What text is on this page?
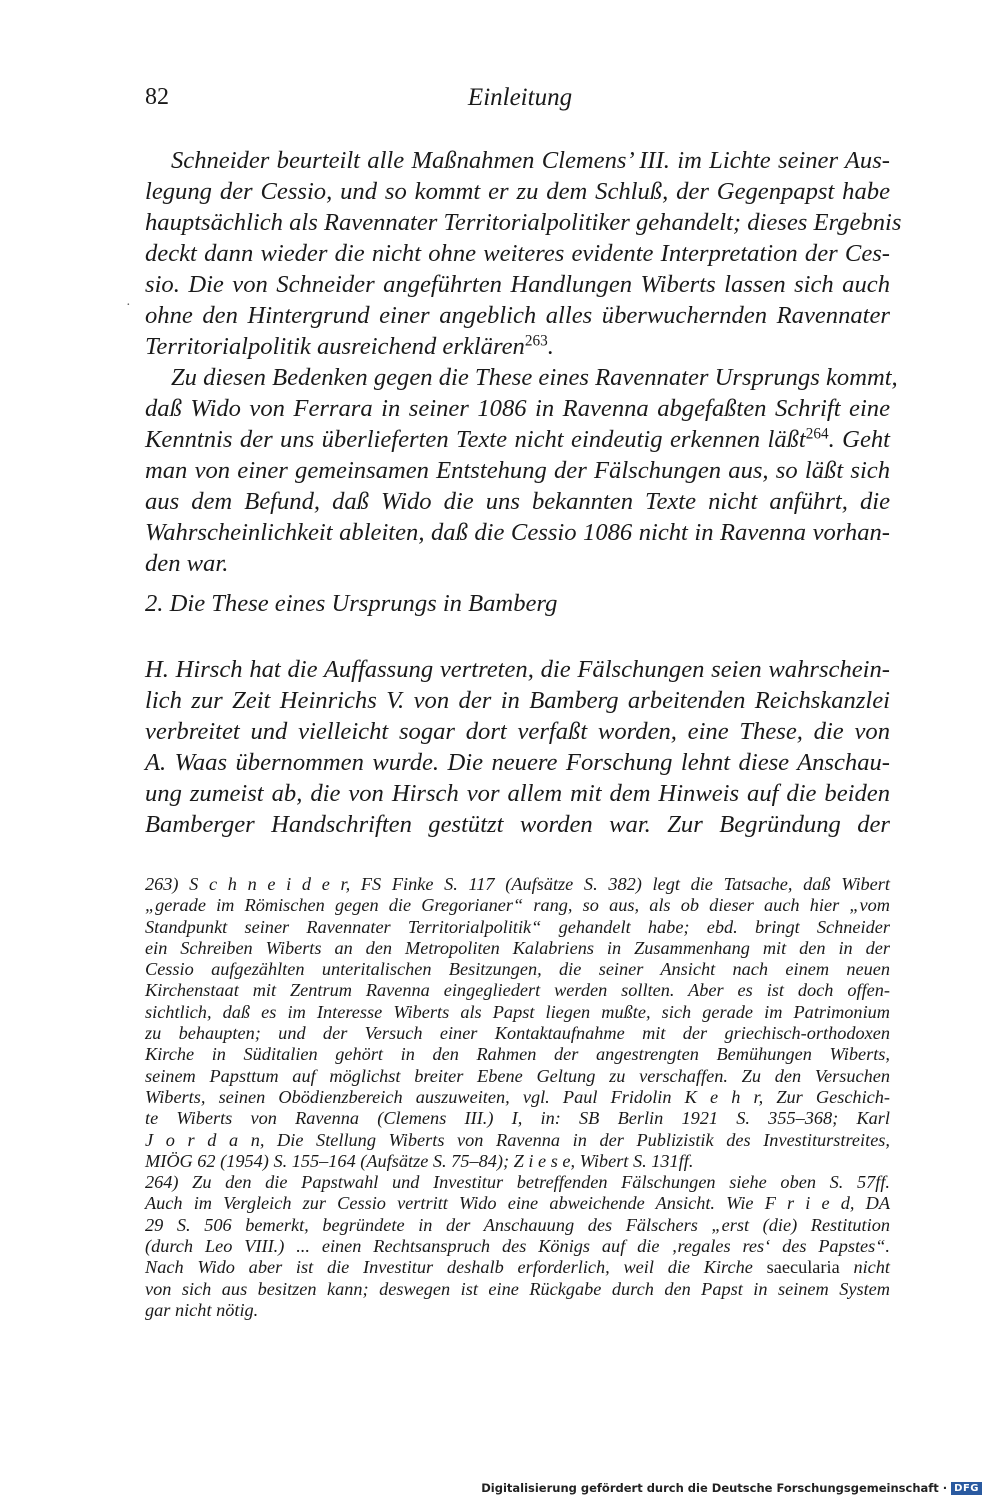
82	Einleitung
·
Schneider beurteilt alle Maßnahmen Clemens’ III. im Lichte seiner Aus-
legung der Cessio, und so kommt er zu dem Schluß, der Gegenpapst habe
hauptsächlich als Ravennater Territorialpolitiker gehandelt; dieses Ergebnis
deckt dann wieder die nicht ohne weiteres evidente Interpretation der Ces-
sio. Die von Schneider angeführten Handlungen Wiberts lassen sich auch
ohne den Hintergrund einer angeblich alles überwuchernden Ravennater
Territorialpolitik ausreichend erklären$^{263}$.
Zu diesen Bedenken gegen die These eines Ravennater Ursprungs kommt,
daß Wido von Ferrara in seiner 1086 in Ravenna abgefaßten Schrift eine
Kenntnis der uns überlieferten Texte nicht eindeutig erkennen läßt$^{264}$. Geht
man von einer gemeinsamen Entstehung der Fälschungen aus, so läßt sich
aus dem Befund, daß Wido die uns bekannten Texte nicht anführt, die
Wahrscheinlichkeit ableiten, daß die Cessio 1086 nicht in Ravenna vorhan-
den war.
2. Die These eines Ursprungs in Bamberg
H. Hirsch hat die Auffassung vertreten, die Fälschungen seien wahrschein-
lich zur Zeit Heinrichs V. von der in Bamberg arbeitenden Reichskanzlei
verbreitet und vielleicht sogar dort verfaßt worden, eine These, die von
A. Waas übernommen wurde. Die neuere Forschung lehnt diese Anschau-
ung zumeist ab, die von Hirsch vor allem mit dem Hinweis auf die beiden
Bamberger Handschriften gestützt worden war. Zur Begründung der
263) S c h n e i d e r, FS Finke S. 117 (Aufsätze S. 382) legt die Tatsache, daß Wibert
„gerade im Römischen gegen die Gregorianer“ rang, so aus, als ob dieser auch hier „vom
Standpunkt seiner Ravennater Territorialpolitik“ gehandelt habe; ebd. bringt Schneider
ein Schreiben Wiberts an den Metropoliten Kalabriens in Zusammenhang mit den in der
Cessio aufgezählten unteritalischen Besitzungen, die seiner Ansicht nach einem neuen
Kirchenstaat mit Zentrum Ravenna eingegliedert werden sollten. Aber es ist doch offen-
sichtlich, daß es im Interesse Wiberts als Papst liegen mußte, sich gerade im Patrimonium
zu behaupten; und der Versuch einer Kontaktaufnahme mit der griechisch-orthodoxen
Kirche in Süditalien gehört in den Rahmen der angestrengten Bemühungen Wiberts,
seinem Papsttum auf möglichst breiter Ebene Geltung zu verschaffen. Zu den Versuchen
Wiberts, seinen Obödienzbereich auszuweiten, vgl. Paul Fridolin K e h r, Zur Geschich-
te Wiberts von Ravenna (Clemens III.) I, in: SB Berlin 1921 S. 355–368; Karl
J o r d a n, Die Stellung Wiberts von Ravenna in der Publizistik des Investiturstreites,
MIÖG 62 (1954) S. 155–164 (Aufsätze S. 75–84); Z i e s e, Wibert S. 131ff.
264) Zu den die Papstwahl und Investitur betreffenden Fälschungen siehe oben S. 57ff.
Auch im Vergleich zur Cessio vertritt Wido eine abweichende Ansicht. Wie F r i e d, DA
29 S. 506 bemerkt, begründete in der Anschauung des Fälschers „erst (die) Restitution
(durch Leo VIII.) ... einen Rechtsanspruch des Königs auf die ‚regales res‘ des Papstes“.
Nach Wido aber ist die Investitur deshalb erforderlich, weil die Kirche saecularia nicht
von sich aus besitzen kann; deswegen ist eine Rückgabe durch den Papst in seinem System
gar nicht nötig.
Digitalisierung gefördert durch die Deutsche Forschungsgemeinschaft · DFG
